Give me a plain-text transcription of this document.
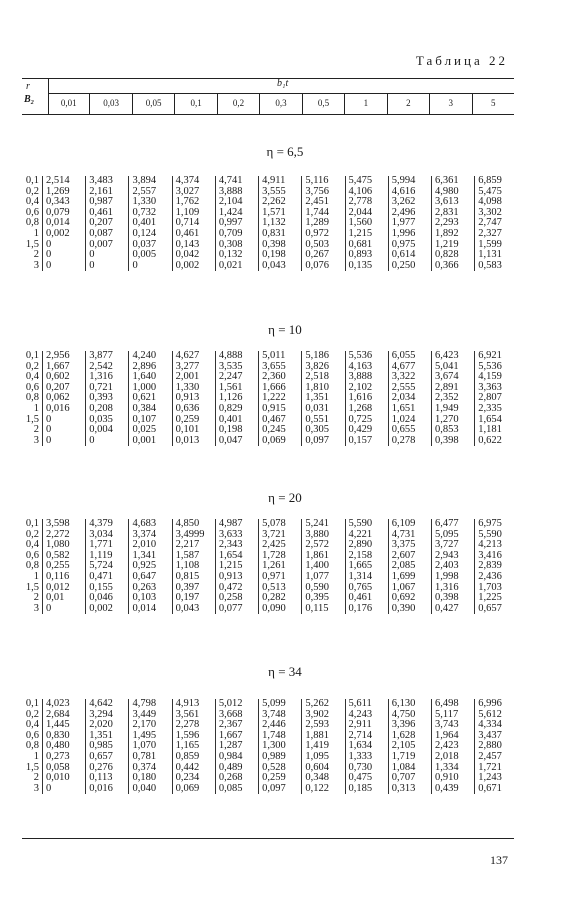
Таблица 22
r
B₂
b₁t
0,01	0,03	0,05	0,1	0,2	0,3	0,5	1	2	3	5
η = 6,5
0,1	2,514	3,483	3,894	4,374	4,741	4,911	5,116	5,475	5,994	6,361	6,859
0,2	1,269	2,161	2,557	3,027	3,888	3,555	3,756	4,106	4,616	4,980	5,475
0,4	0,343	0,987	1,330	1,762	2,104	2,262	2,451	2,778	3,262	3,613	4,098
0,6	0,079	0,461	0,732	1,109	1,424	1,571	1,744	2,044	2,496	2,831	3,302
0,8	0,014	0,207	0,401	0,714	0,997	1,132	1,289	1,560	1,977	2,293	2,747
1	0,002	0,087	0,124	0,461	0,709	0,831	0,972	1,215	1,996	1,892	2,327
1,5	0	0,007	0,037	0,143	0,308	0,398	0,503	0,681	0,975	1,219	1,599
2	0	0	0,005	0,042	0,132	0,198	0,267	0,893	0,614	0,828	1,131
3	0	0	0	0,002	0,021	0,043	0,076	0,135	0,250	0,366	0,583
η = 10
0,1	2,956	3,877	4,240	4,627	4,888	5,011	5,186	5,536	6,055	6,423	6,921
0,2	1,667	2,542	2,896	3,277	3,535	3,655	3,826	4,163	4,677	5,041	5,536
0,4	0,602	1,316	1,640	2,001	2,247	2,360	2,518	3,888	3,322	3,674	4,159
0,6	0,207	0,721	1,000	1,330	1,561	1,666	1,810	2,102	2,555	2,891	3,363
0,8	0,062	0,393	0,621	0,913	1,126	1,222	1,351	1,616	2,034	2,352	2,807
1	0,016	0,208	0,384	0,636	0,829	0,915	0,031	1,268	1,651	1,949	2,335
1,5	0	0,035	0,107	0,259	0,401	0,467	0,551	0,725	1,024	1,270	1,654
2	0	0,004	0,025	0,101	0,198	0,245	0,305	0,429	0,655	0,853	1,181
3	0	0	0,001	0,013	0,047	0,069	0,097	0,157	0,278	0,398	0,622
η = 20
0,1	3,598	4,379	4,683	4,850	4,987	5,078	5,241	5,590	6,109	6,477	6,975
0,2	2,272	3,034	3,374	3,4999	3,633	3,721	3,880	4,221	4,731	5,095	5,590
0,4	1,080	1,771	2,010	2,217	2,343	2,425	2,572	2,890	3,375	3,727	4,213
0,6	0,582	1,119	1,341	1,587	1,654	1,728	1,861	2,158	2,607	2,943	3,416
0,8	0,255	5,724	0,925	1,108	1,215	1,261	1,400	1,665	2,085	2,403	2,839
1	0,116	0,471	0,647	0,815	0,913	0,971	1,077	1,314	1,699	1,998	2,436
1,5	0,012	0,155	0,263	0,397	0,472	0,513	0,590	0,765	1,067	1,316	1,703
2	0,01	0,046	0,103	0,197	0,258	0,282	0,395	0,461	0,692	0,398	1,225
3	0	0,002	0,014	0,043	0,077	0,090	0,115	0,176	0,390	0,427	0,657
η = 34
0,1	4,023	4,642	4,798	4,913	5,012	5,099	5,262	5,611	6,130	6,498	6,996
0,2	2,684	3,294	3,449	3,561	3,668	3,748	3,902	4,243	4,750	5,117	5,612
0,4	1,445	2,020	2,170	2,278	2,367	2,446	2,593	2,911	3,396	3,743	4,334
0,6	0,830	1,351	1,495	1,596	1,667	1,748	1,881	2,714	1,628	1,964	3,437
0,8	0,480	0,985	1,070	1,165	1,287	1,300	1,419	1,634	2,105	2,423	2,880
1	0,273	0,657	0,781	0,859	0,984	0,989	1,095	1,333	1,719	2,018	2,457
1,5	0,058	0,276	0,374	0,442	0,489	0,528	0,604	0,730	1,084	1,334	1,721
2	0,010	0,113	0,180	0,234	0,268	0,259	0,348	0,475	0,707	0,910	1,243
3	0	0,016	0,040	0,069	0,085	0,097	0,122	0,185	0,313	0,439	0,671
137
